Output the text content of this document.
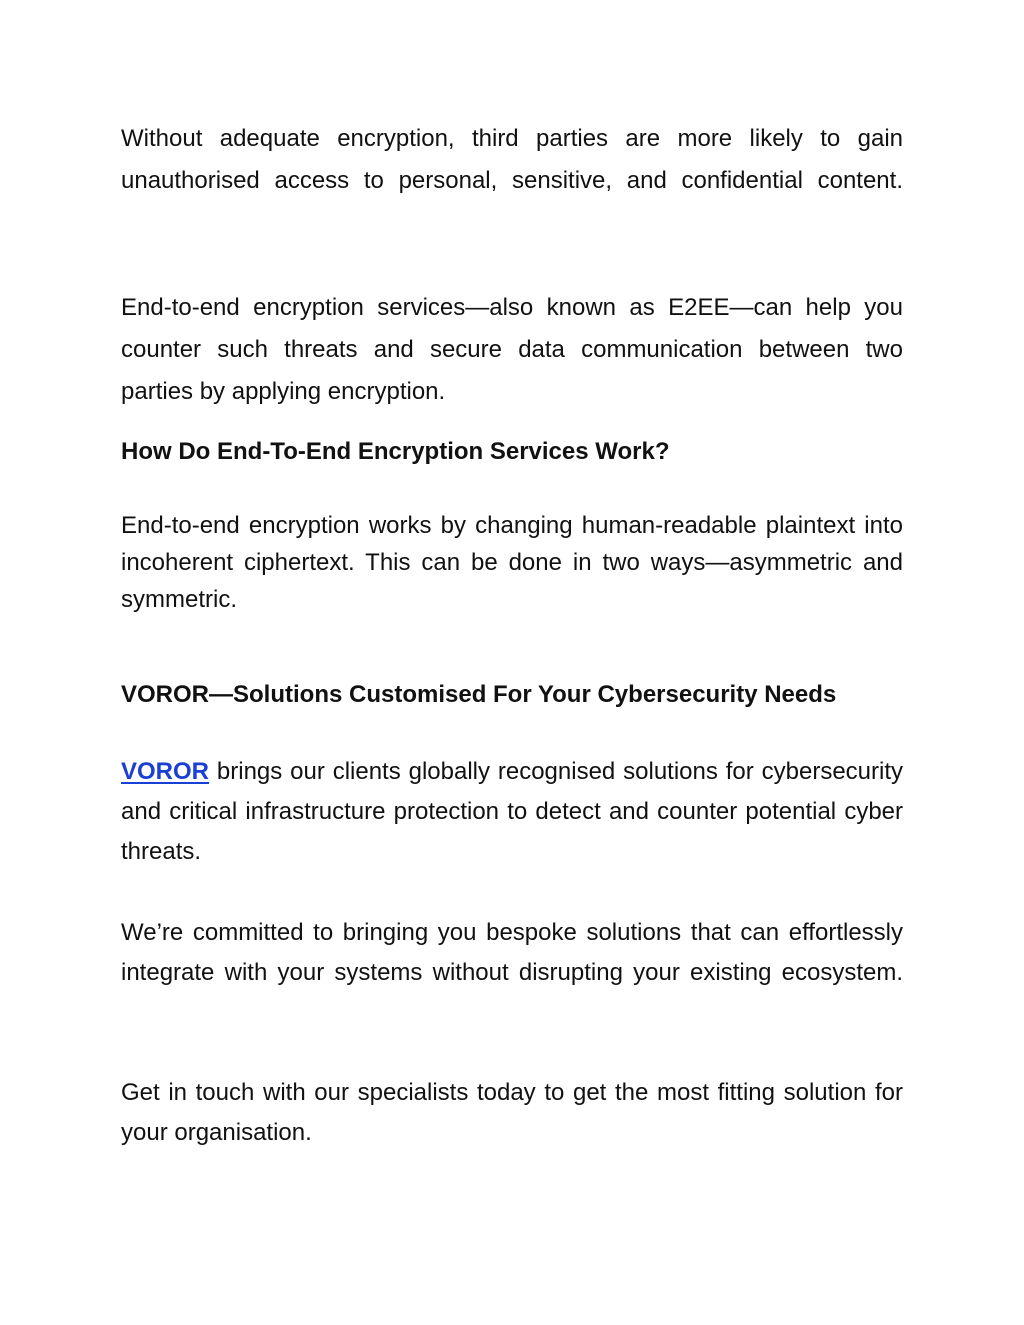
Without adequate encryption, third parties are more likely to gain unauthorised access to personal, sensitive, and confidential content.

End-to-end encryption services—also known as E2EE—can help you counter such threats and secure data communication between two parties by applying encryption.

How Do End-To-End Encryption Services Work?

End-to-end encryption works by changing human-readable plaintext into incoherent ciphertext. This can be done in two ways—asymmetric and symmetric.

VOROR—Solutions Customised For Your Cybersecurity Needs

VOROR brings our clients globally recognised solutions for cybersecurity and critical infrastructure protection to detect and counter potential cyber threats.

We’re committed to bringing you bespoke solutions that can effortlessly integrate with your systems without disrupting your existing ecosystem.

Get in touch with our specialists today to get the most fitting solution for your organisation.
